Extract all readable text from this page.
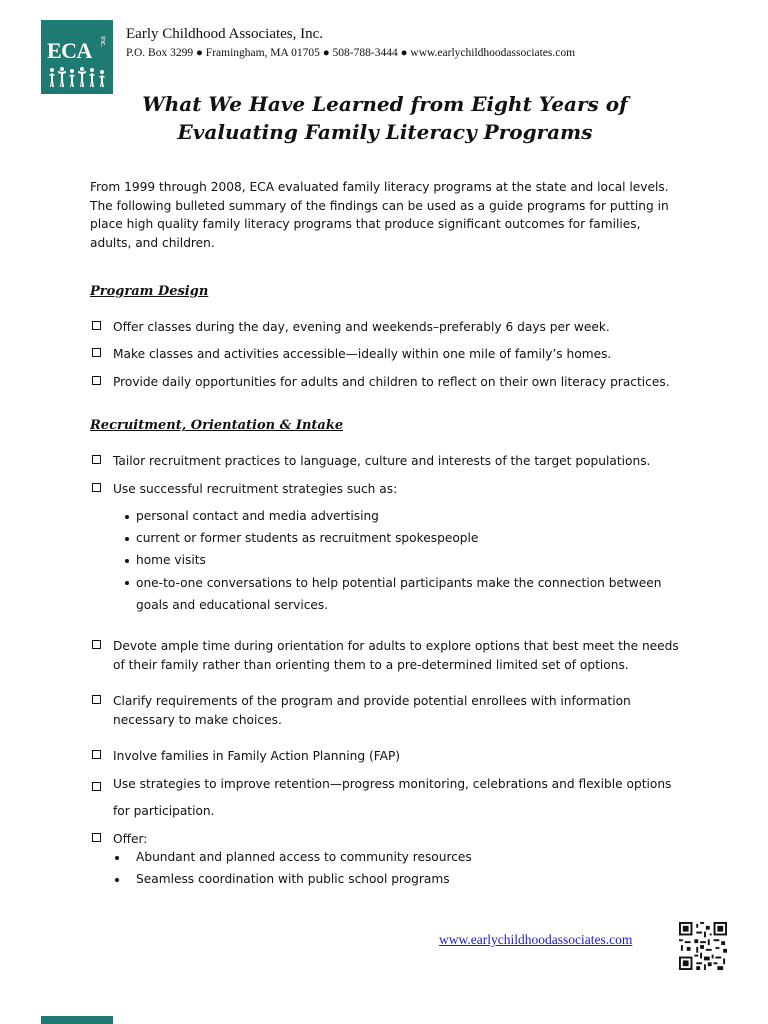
ECA Inc. Early Childhood Associates, Inc.
P.O. Box 3299 ● Framingham, MA 01705 ● 508-788-3444 ● www.earlychildhoodassociates.com
What We Have Learned from Eight Years of
Evaluating Family Literacy Programs
From 1999 through 2008, ECA evaluated family literacy programs at the state and local levels. The following bulleted summary of the findings can be used as a guide programs for putting in place high quality family literacy programs that produce significant outcomes for families, adults, and children.
Program Design
Offer classes during the day, evening and weekends–preferably 6 days per week.
Make classes and activities accessible—ideally within one mile of family’s homes.
Provide daily opportunities for adults and children to reflect on their own literacy practices.
Recruitment, Orientation & Intake
Tailor recruitment practices to language, culture and interests of the target populations.
Use successful recruitment strategies such as:
personal contact and media advertising
current or former students as recruitment spokespeople
home visits
one-to-one conversations to help potential participants make the connection between goals and educational services.
Devote ample time during orientation for adults to explore options that best meet the needs of their family rather than orienting them to a pre-determined limited set of options.
Clarify requirements of the program and provide potential enrollees with information necessary to make choices.
Involve families in Family Action Planning (FAP)
Use strategies to improve retention—progress monitoring, celebrations and flexible options for participation.
Offer:
Abundant and planned access to community resources
Seamless coordination with public school programs
www.earlychildhoodassociates.com
